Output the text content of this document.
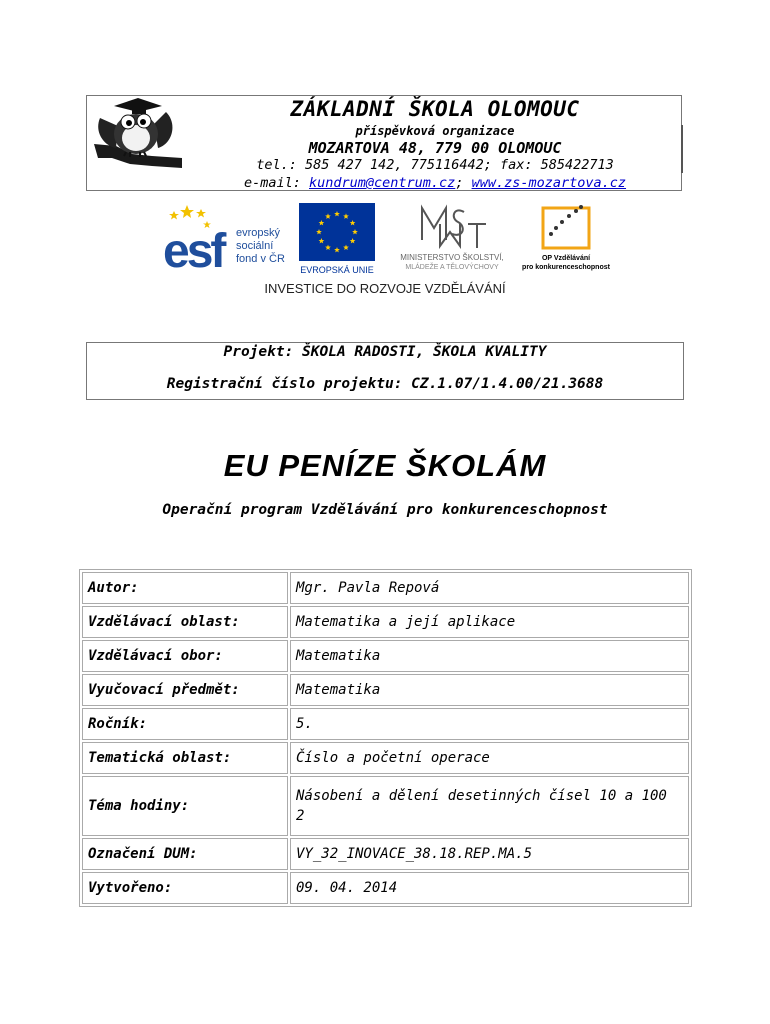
ZÁKLADNÍ ŠKOLA OLOMOUC
příspěvková organizace
MOZARTOVA 48, 779 00 OLOMOUC
tel.: 585 427 142, 775116442; fax: 585422713
e-mail: kundrum@centrum.cz; www.zs-mozartova.cz
esf	evropský
sociální
fond v ČR
EVROPSKÁ UNIE
MINISTERSTVO ŠKOLSTVÍ,
MLÁDEŽE A TĚLOVÝCHOVY
OP Vzdělávání
pro konkurenceschopnost
INVESTICE DO ROZVOJE VZDĚLÁVÁNÍ
Projekt: ŠKOLA RADOSTI, ŠKOLA KVALITY
Registrační číslo projektu: CZ.1.07/1.4.00/21.3688
EU PENÍZE ŠKOLÁM
Operační program Vzdělávání pro konkurenceschopnost
Autor:	Mgr. Pavla Repová
Vzdělávací oblast:	Matematika a její aplikace
Vzdělávací obor:	Matematika
Vyučovací předmět:	Matematika
Ročník:	5.
Tematická oblast:	Číslo a početní operace
Téma hodiny:	Násobení a dělení desetinných čísel 10 a 100 2
Označení DUM:	VY_32_INOVACE_38.18.REP.MA.5
Vytvořeno:	09. 04. 2014
